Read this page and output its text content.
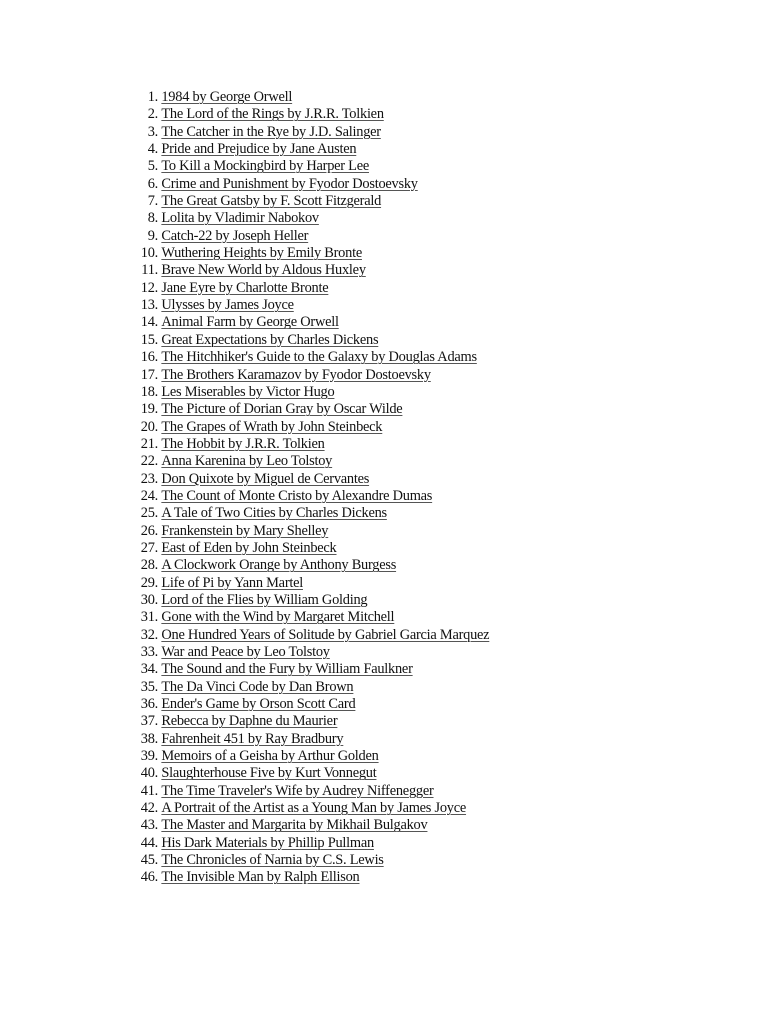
1.
1984 by George Orwell
2.
The Lord of the Rings by J.R.R. Tolkien
3.
The Catcher in the Rye by J.D. Salinger
4.
Pride and Prejudice by Jane Austen
5.
To Kill a Mockingbird by Harper Lee
6.
Crime and Punishment by Fyodor Dostoevsky
7.
The Great Gatsby by F. Scott Fitzgerald
8.
Lolita by Vladimir Nabokov
9.
Catch-22 by Joseph Heller
10.
Wuthering Heights by Emily Bronte
11.
Brave New World by Aldous Huxley
12.
Jane Eyre by Charlotte Bronte
13.
Ulysses by James Joyce
14.
Animal Farm by George Orwell
15.
Great Expectations by Charles Dickens
16.
The Hitchhiker's Guide to the Galaxy by Douglas Adams
17.
The Brothers Karamazov by Fyodor Dostoevsky
18.
Les Miserables by Victor Hugo
19.
The Picture of Dorian Gray by Oscar Wilde
20.
The Grapes of Wrath by John Steinbeck
21.
The Hobbit by J.R.R. Tolkien
22.
Anna Karenina by Leo Tolstoy
23.
Don Quixote by Miguel de Cervantes
24.
The Count of Monte Cristo by Alexandre Dumas
25.
A Tale of Two Cities by Charles Dickens
26.
Frankenstein by Mary Shelley
27.
East of Eden by John Steinbeck
28.
A Clockwork Orange by Anthony Burgess
29.
Life of Pi by Yann Martel
30.
Lord of the Flies by William Golding
31.
Gone with the Wind by Margaret Mitchell
32.
One Hundred Years of Solitude by Gabriel Garcia Marquez
33.
War and Peace by Leo Tolstoy
34.
The Sound and the Fury by William Faulkner
35.
The Da Vinci Code by Dan Brown
36.
Ender's Game by Orson Scott Card
37.
Rebecca by Daphne du Maurier
38.
Fahrenheit 451 by Ray Bradbury
39.
Memoirs of a Geisha by Arthur Golden
40.
Slaughterhouse Five by Kurt Vonnegut
41.
The Time Traveler's Wife by Audrey Niffenegger
42.
A Portrait of the Artist as a Young Man by James Joyce
43.
The Master and Margarita by Mikhail Bulgakov
44.
His Dark Materials by Phillip Pullman
45.
The Chronicles of Narnia by C.S. Lewis
46.
The Invisible Man by Ralph Ellison
